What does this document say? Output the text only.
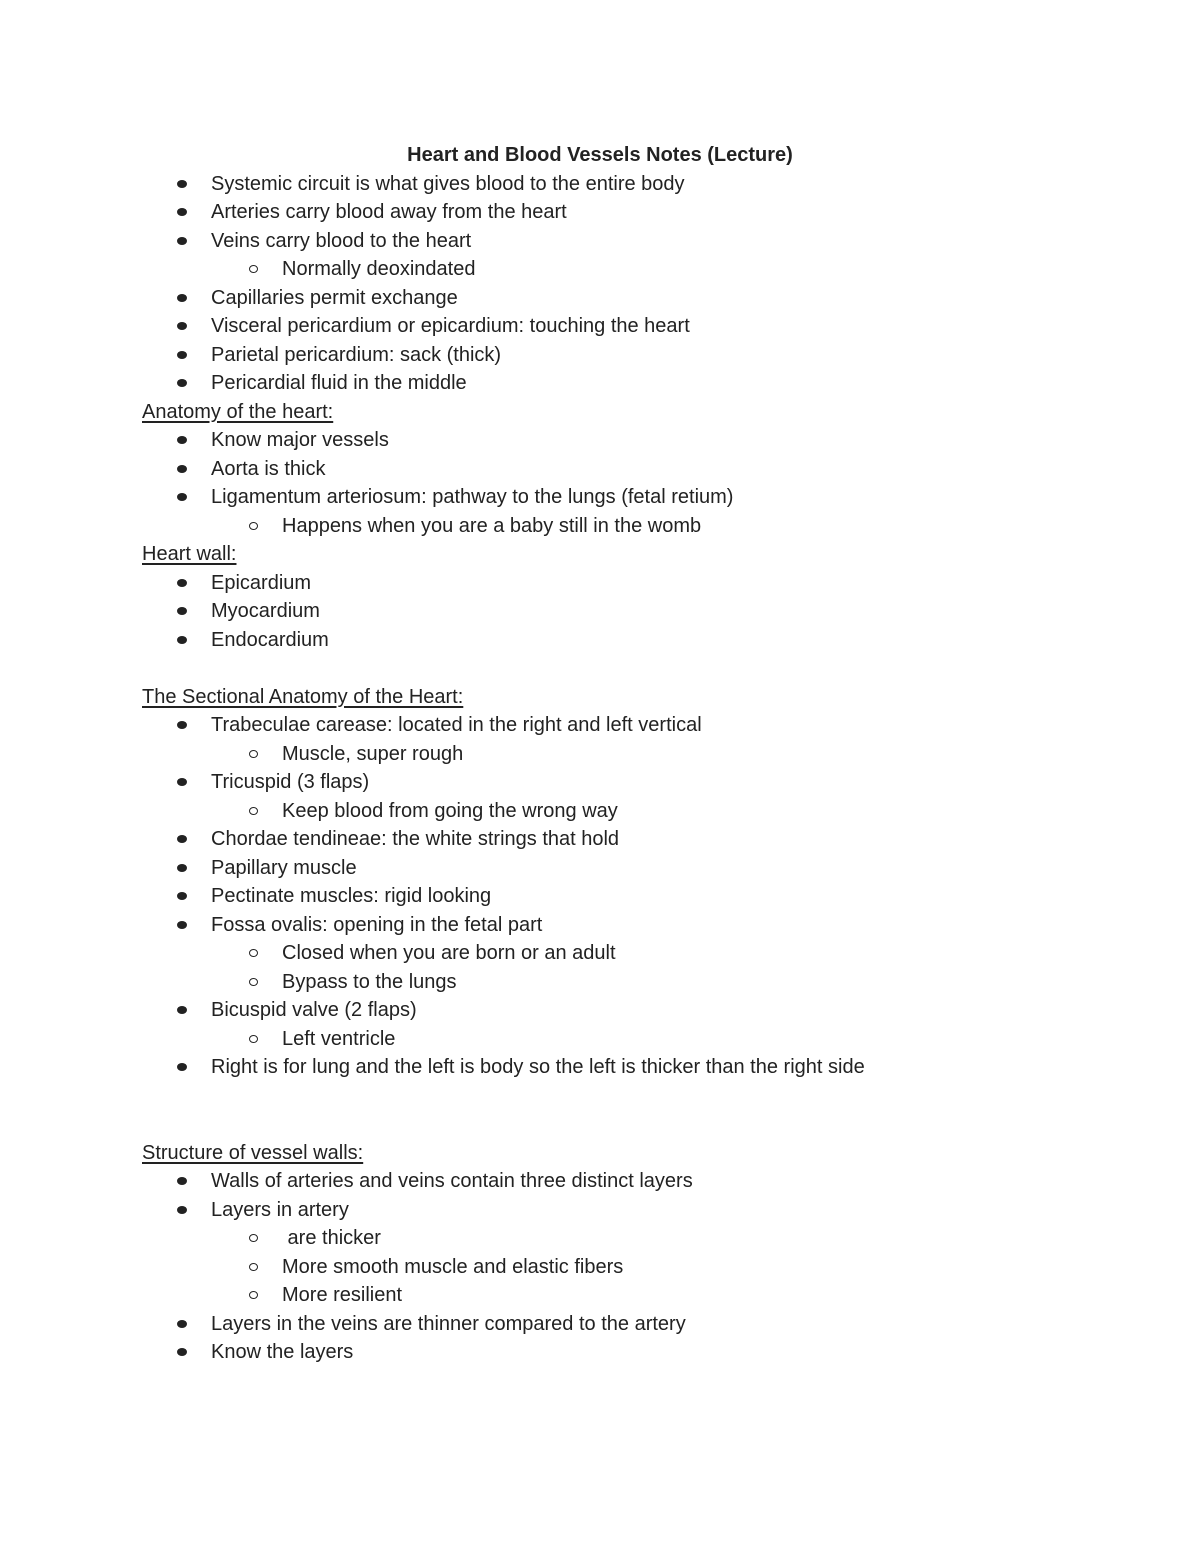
Heart and Blood Vessels Notes (Lecture)
Systemic circuit is what gives blood to the entire body
Arteries carry blood away from the heart
Veins carry blood to the heart
Normally deoxindated
Capillaries permit exchange
Visceral pericardium or epicardium: touching the heart
Parietal pericardium: sack (thick)
Pericardial fluid in the middle
Anatomy of the heart:
Know major vessels
Aorta is thick
Ligamentum arteriosum: pathway to the lungs (fetal retium)
Happens when you are a baby still in the womb
Heart wall:
Epicardium
Myocardium
Endocardium
The Sectional Anatomy of the Heart:
Trabeculae carease: located in the right and left vertical
Muscle, super rough
Tricuspid (3 flaps)
Keep blood from going the wrong way
Chordae tendineae: the white strings that hold
Papillary muscle
Pectinate muscles: rigid looking
Fossa ovalis: opening in the fetal part
Closed when you are born or an adult
Bypass to the lungs
Bicuspid valve (2 flaps)
Left ventricle
Right is for lung and the left is body so the left is thicker than the right side
Structure of vessel walls:
Walls of arteries and veins contain three distinct layers
Layers in artery
are thicker
More smooth muscle and elastic fibers
More resilient
Layers in the veins are thinner compared to the artery
Know the layers
